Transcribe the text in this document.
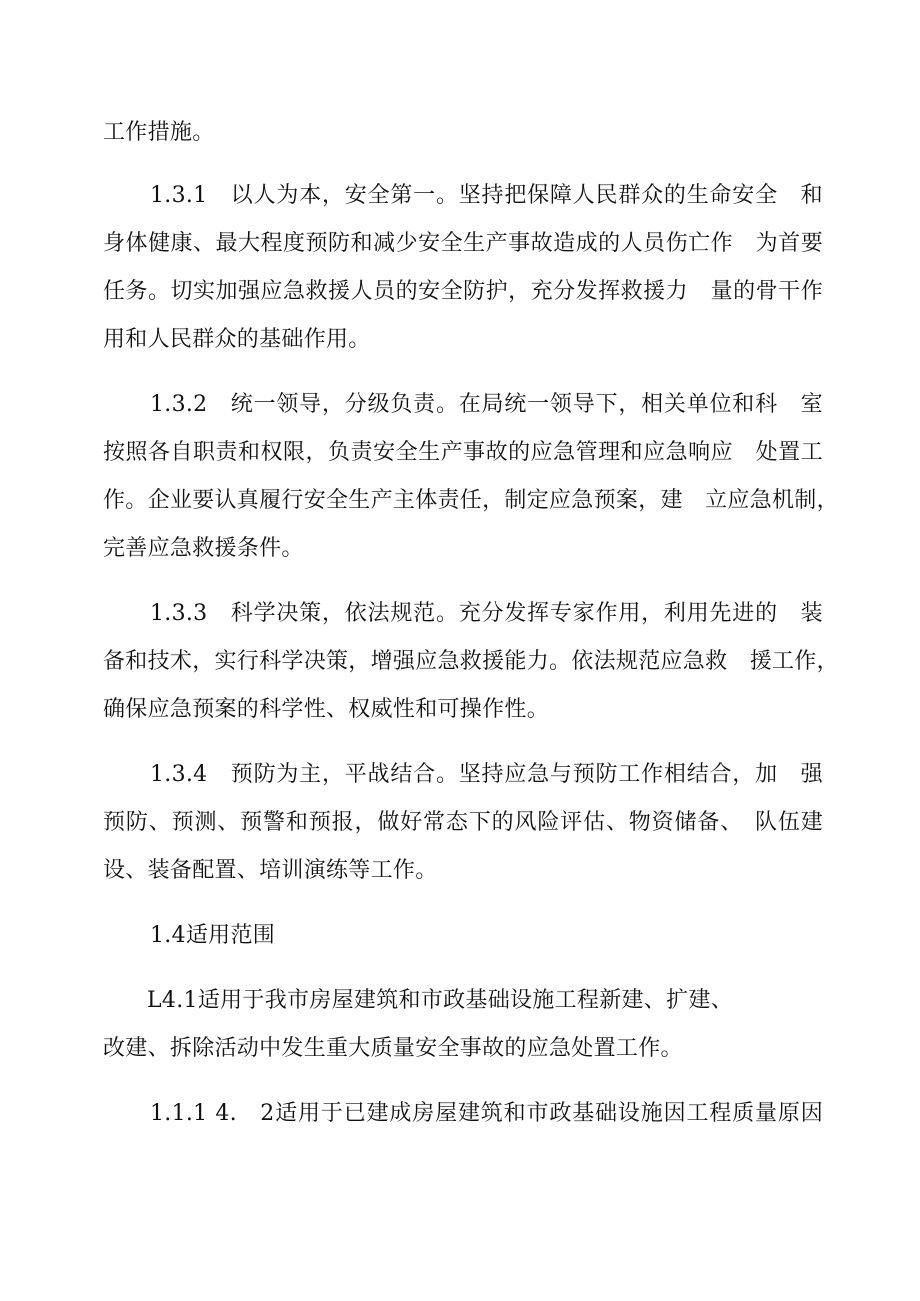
工作措施。
1.3.1　以人为本，安全第一。坚持把保障人民群众的生命安全　和
身体健康、最大程度预防和减少安全生产事故造成的人员伤亡作　为首要
任务。切实加强应急救援人员的安全防护，充分发挥救援力　量的骨干作
用和人民群众的基础作用。
1.3.2　统一领导，分级负责。在局统一领导下，相关单位和科　室
按照各自职责和权限，负责安全生产事故的应急管理和应急响应　处置工
作。企业要认真履行安全生产主体责任，制定应急预案，建　立应急机制，
完善应急救援条件。
1.3.3　科学决策，依法规范。充分发挥专家作用，利用先进的　装
备和技术，实行科学决策，增强应急救援能力。依法规范应急救　援工作，
确保应急预案的科学性、权威性和可操作性。
1.3.4　预防为主，平战结合。坚持应急与预防工作相结合，加　强
预防、预测、预警和预报，做好常态下的风险评估、物资储备、　队伍建
设、装备配置、培训演练等工作。
1.4适用范围
L4.1适用于我市房屋建筑和市政基础设施工程新建、扩建、
改建、拆除活动中发生重大质量安全事故的应急处置工作。
1.1.1 4.　2适用于已建成房屋建筑和市政基础设施因工程质量原因
